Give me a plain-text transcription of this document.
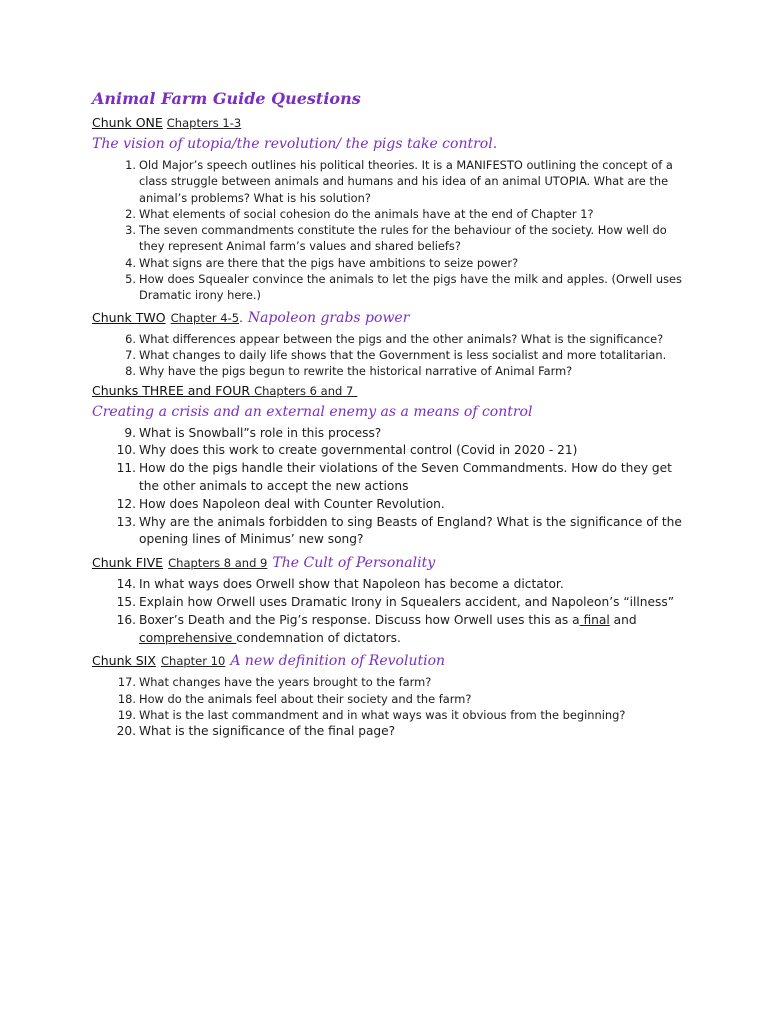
Animal Farm Guide Questions

Chunk ONE Chapters 1-3

The vision of utopia/the revolution/ the pigs take control.

1. Old Major’s speech outlines his political theories. It is a MANIFESTO outlining the concept of a class struggle between animals and humans and his idea of an animal UTOPIA. What are the animal’s problems? What is his solution?
2. What elements of social cohesion do the animals have at the end of Chapter 1?
3. The seven commandments constitute the rules for the behaviour of the society. How well do they represent Animal farm’s values and shared beliefs?
4. What signs are there that the pigs have ambitions to seize power?
5. How does Squealer convince the animals to let the pigs have the milk and apples. (Orwell uses Dramatic irony here.)

Chunk TWO Chapter 4-5. Napoleon grabs power

6. What differences appear between the pigs and the other animals? What is the significance?
7. What changes to daily life shows that the Government is less socialist and more totalitarian.
8. Why have the pigs begun to rewrite the historical narrative of Animal Farm?

Chunks THREE and FOUR Chapters 6 and 7

Creating a crisis and an external enemy as a means of control

9. What is Snowball”s role in this process?
10. Why does this work to create governmental control (Covid in 2020 - 21)
11. How do the pigs handle their violations of the Seven Commandments. How do they get the other animals to accept the new actions
12. How does Napoleon deal with Counter Revolution.
13. Why are the animals forbidden to sing Beasts of England? What is the significance of the opening lines of Minimus’ new song?

Chunk FIVE Chapters 8 and 9 The Cult of Personality

14. In what ways does Orwell show that Napoleon has become a dictator.
15. Explain how Orwell uses Dramatic Irony in Squealers accident, and Napoleon’s “illness”
16. Boxer’s Death and the Pig’s response. Discuss how Orwell uses this as a final and comprehensive condemnation of dictators.

Chunk SIX Chapter 10 A new definition of Revolution

17. What changes have the years brought to the farm?
18. How do the animals feel about their society and the farm?
19. What is the last commandment and in what ways was it obvious from the beginning?
20. What is the significance of the final page?
